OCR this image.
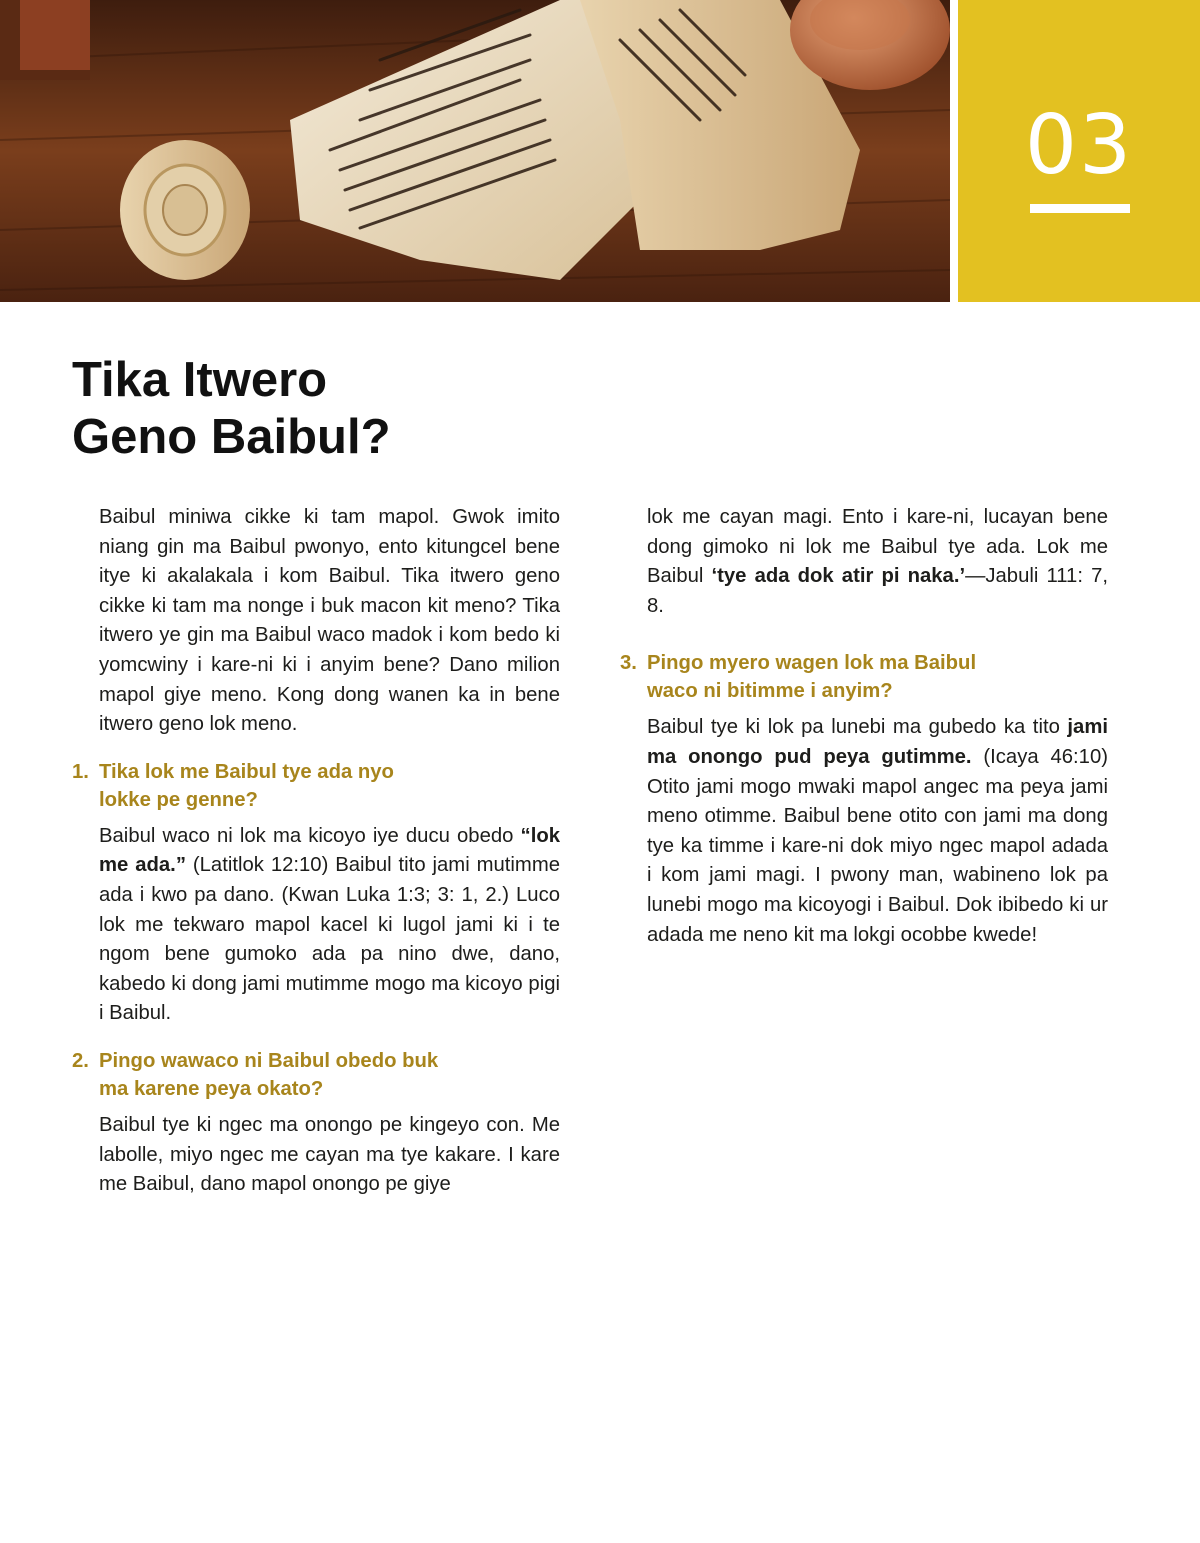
03
Tika Itwero
Geno Baibul?

Baibul miniwa cikke ki tam mapol. Gwok imito niang gin ma Baibul pwonyo, ento kitungcel bene itye ki akalakala i kom Baibul. Tika itwero geno cikke ki tam ma nonge i buk macon kit meno? Tika itwero ye gin ma Baibul waco madok i kom bedo ki yomcwiny i kare-ni ki i anyim bene? Dano milion mapol giye meno. Kong dong wanen ka in bene itwero geno lok meno.

1. Tika lok me Baibul tye ada nyo
lokke pe genne?

Baibul waco ni lok ma kicoyo iye ducu obedo “lok me ada.” (Latitlok 12:10) Baibul tito jami mutimme ada i kwo pa dano. (Kwan Luka 1:3; 3: 1, 2.) Luco lok me tekwaro mapol kacel ki lugol jami ki i te ngom bene gumoko ada pa nino dwe, dano, kabedo ki dong jami mutimme mogo ma kicoyo pigi i Baibul.

2. Pingo wawaco ni Baibul obedo buk
ma karene peya okato?

Baibul tye ki ngec ma onongo pe kingeyo con. Me labolle, miyo ngec me cayan ma tye kakare. I kare me Baibul, dano mapol onongo pe giye

lok me cayan magi. Ento i kare-ni, lucayan bene dong gimoko ni lok me Baibul tye ada. Lok me Baibul ‘tye ada dok atir pi naka.’—Jabuli 111: 7, 8.

3. Pingo myero wagen lok ma Baibul
waco ni bitimme i anyim?

Baibul tye ki lok pa lunebi ma gubedo ka tito jami ma onongo pud peya gutimme. (Icaya 46:10) Otito jami mogo mwaki mapol angec ma peya jami meno otimme. Baibul bene otito con jami ma dong tye ka timme i kare-ni dok miyo ngec mapol adada i kom jami magi. I pwony man, wabineno lok pa lunebi mogo ma kicoyogi i Baibul. Dok ibibedo ki ur adada me neno kit ma lokgi ocobbe kwede!
